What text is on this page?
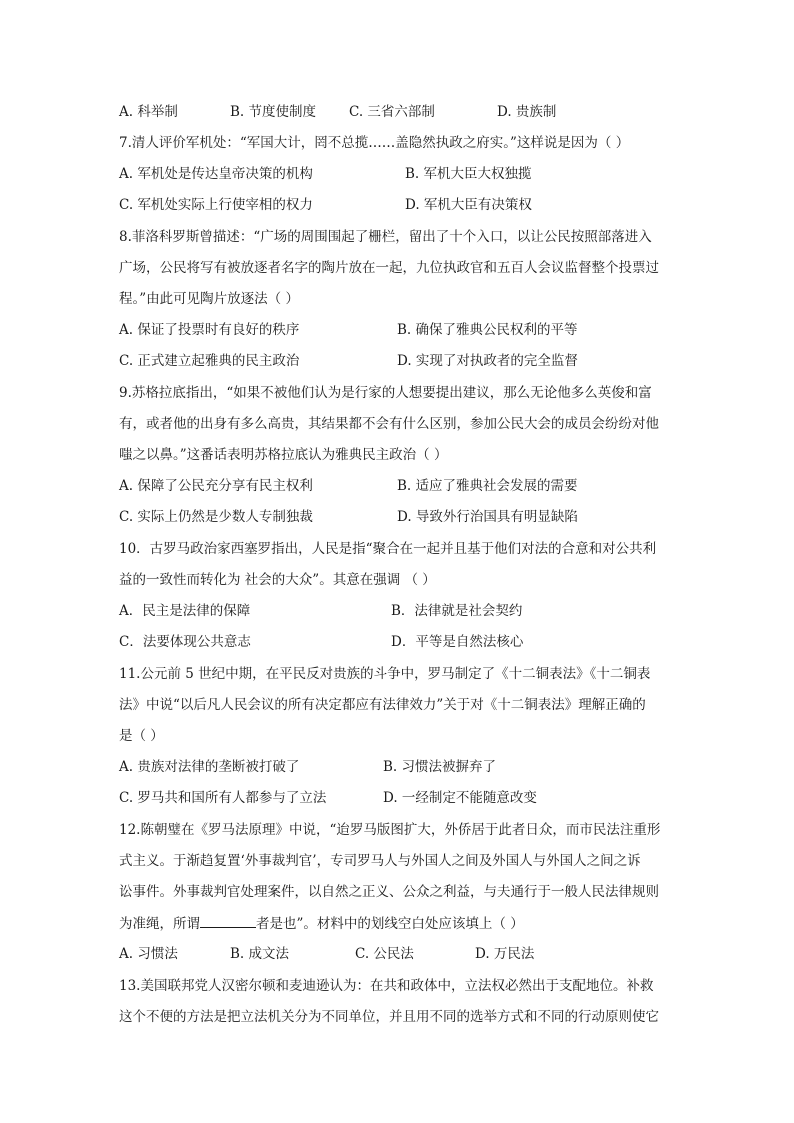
A. 科举制	B. 节度使制度 C. 三省六部制	D. 贵族制
7.清人评价军机处：“军国大计，罔不总揽……盖隐然执政之府实。”这样说是因为（ ）
A. 军机处是传达皇帝决策的机构	B. 军机大臣大权独揽
C. 军机处实际上行使宰相的权力	D. 军机大臣有决策权
8.菲洛科罗斯曾描述：“广场的周围围起了栅栏，留出了十个入口，以让公民按照部落进入
广场，公民将写有被放逐者名字的陶片放在一起，九位执政官和五百人会议监督整个投票过
程。”由此可见陶片放逐法（ ）
A. 保证了投票时有良好的秩序	B. 确保了雅典公民权利的平等
C. 正式建立起雅典的民主政治	D. 实现了对执政者的完全监督
9.苏格拉底指出，“如果不被他们认为是行家的人想要提出建议，那么无论他多么英俊和富
有，或者他的出身有多么高贵，其结果都不会有什么区别，参加公民大会的成员会纷纷对他
嗤之以鼻。”这番话表明苏格拉底认为雅典民主政治（ ）
A. 保障了公民充分享有民主权利	B. 适应了雅典社会发展的需要
C. 实际上仍然是少数人专制独裁	D. 导致外行治国具有明显缺陷
10．古罗马政治家西塞罗指出，人民是指“聚合在一起并且基于他们对法的合意和对公共利
益的一致性而转化为 社会的大众”。其意在强调 （ ）
A．民主是法律的保障	B．法律就是社会契约
C．法要体现公共意志	D．平等是自然法核心
11.公元前 5 世纪中期，在平民反对贵族的斗争中，罗马制定了《十二铜表法》《十二铜表
法》中说“以后凡人民会议的所有决定都应有法律效力”关于对《十二铜表法》理解正确的
是（ ）
A. 贵族对法律的垄断被打破了	B. 习惯法被摒弃了
C. 罗马共和国所有人都参与了立法	D. 一经制定不能随意改变
12.陈朝璧在《罗马法原理》中说，“迨罗马版图扩大，外侨居于此者日众，而市民法注重形
式主义。于渐趋复置‘外事裁判官’，专司罗马人与外国人之间及外国人与外国人之间之诉
讼事件。外事裁判官处理案件，以自然之正义、公众之利益，与夫通行于一般人民法律规则
为准绳，所谓	者是也”。材料中的划线空白处应该填上（ ）
A. 习惯法	B. 成文法	C. 公民法	D. 万民法
13.美国联邦党人汉密尔顿和麦迪逊认为：在共和政体中，立法权必然出于支配地位。补救
这个不便的方法是把立法机关分为不同单位，并且用不同的选举方式和不同的行动原则使它
